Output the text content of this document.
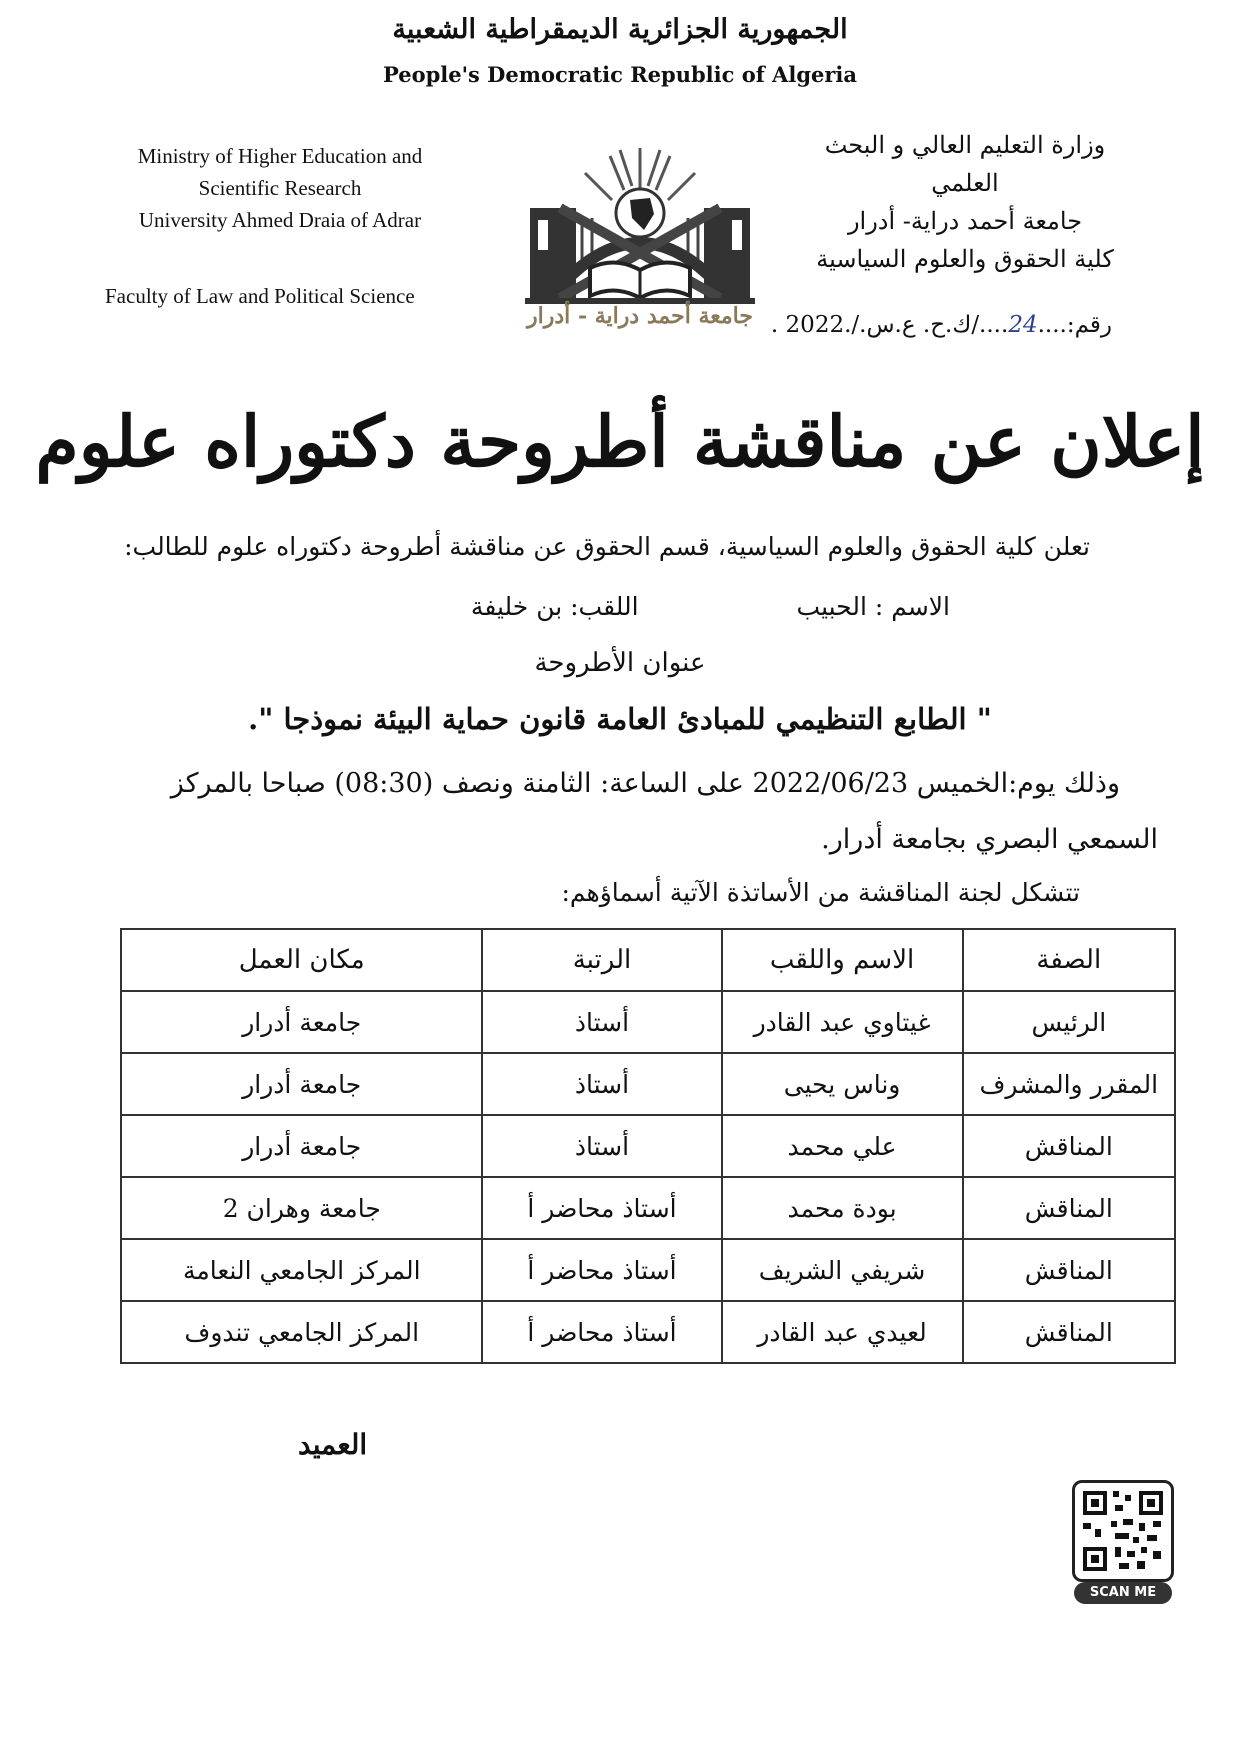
الجمهورية الجزائرية الديمقراطية الشعبية
People's Democratic Republic of Algeria
Ministry of Higher Education and
Scientific Research
University Ahmed Draia of Adrar
Faculty of Law and Political Science
وزارة التعليم العالي و البحث العلمي
جامعة أحمد دراية- أدرار
كلية الحقوق والعلوم السياسية
جامعة أحمد دراية - أدرار	رقم:....24..../ك.ح. ع.س./.2022 .
إعلان عن مناقشة أطروحة دكتوراه علوم
تعلن كلية الحقوق والعلوم السياسية، قسم الحقوق عن مناقشة أطروحة دكتوراه علوم للطالب:
الاسم : الحبيب اللقب: بن خليفة
عنوان الأطروحة
" الطابع التنظيمي للمبادئ العامة قانون حماية البيئة نموذجا ".
وذلك يوم:الخميس 2022/06/23 على الساعة: الثامنة ونصف (08:30) صباحا بالمركز
السمعي البصري بجامعة أدرار.
تتشكل لجنة المناقشة من الأساتذة الآتية أسماؤهم:
الصفة	الاسم واللقب	الرتبة	مكان العمل
الرئيس	غيتاوي عبد القادر	أستاذ	جامعة أدرار
المقرر والمشرف	وناس يحيى	أستاذ	جامعة أدرار
المناقش	علي محمد	أستاذ	جامعة أدرار
المناقش	بودة محمد	أستاذ محاضر أ	جامعة وهران 2
المناقش	شريفي الشريف	أستاذ محاضر أ	المركز الجامعي النعامة
المناقش	لعيدي عبد القادر	أستاذ محاضر أ	المركز الجامعي تندوف
العميد
SCAN ME
